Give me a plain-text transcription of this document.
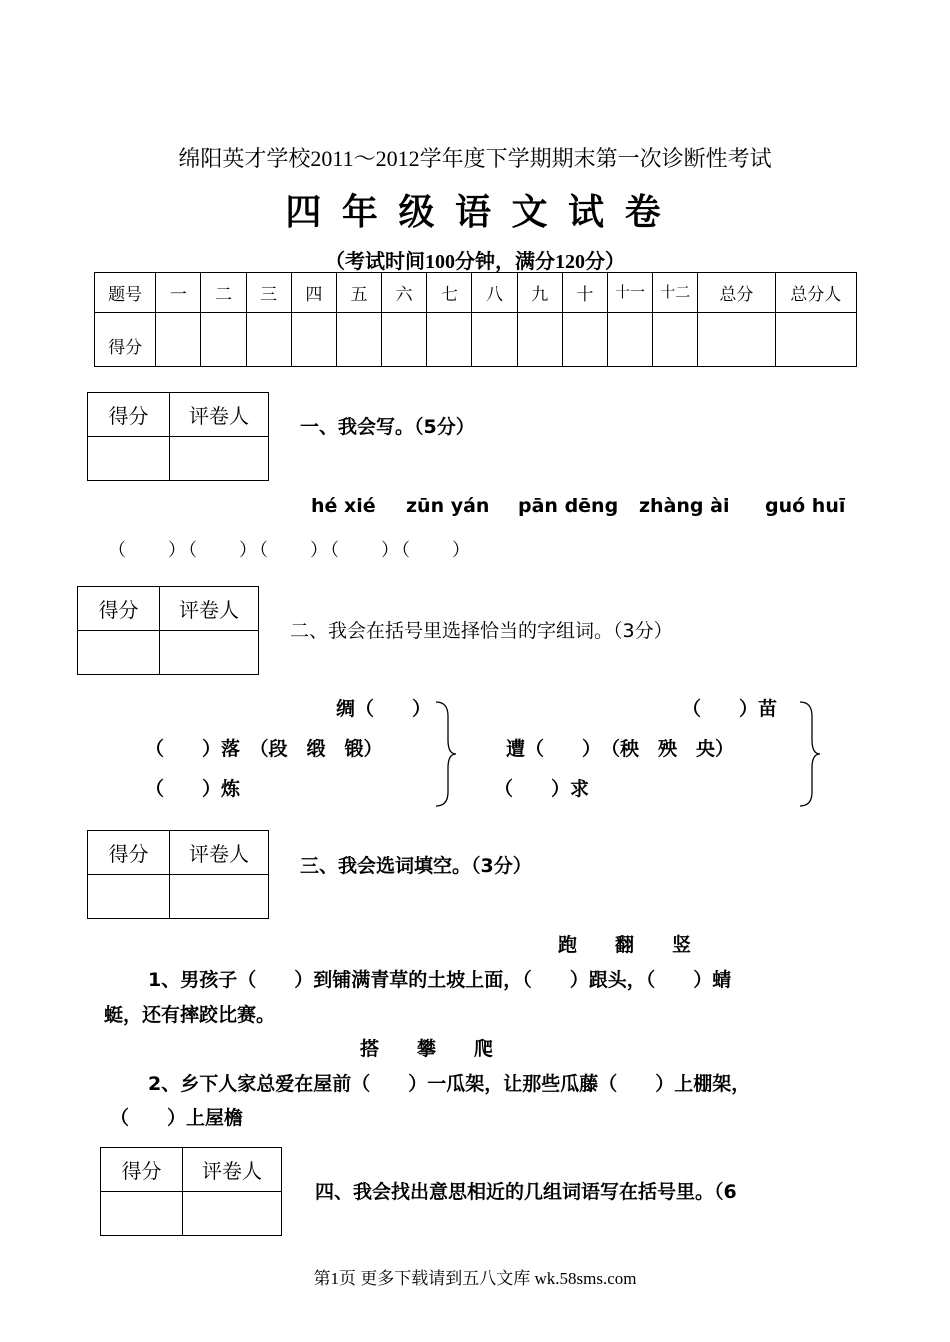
绵阳英才学校2011～2012学年度下学期期末第一次诊断性考试
四 年 级 语 文 试 卷
（考试时间100分钟，满分120分）
题号	一	二	三	四	五	六	七	八	九	十	十一	十二	总分	总分人
得分														
得分	评卷人
		一、我会写。（5分）
hé xié zūn yán pān dēng zhàng ài guó huī
（　　）（　　）（　　）（　　）（　　）
得分	评卷人

二、我会在括号里选择恰当的字组词。（3分）
绸（　　）
（　　）落　（段　缎　锻）
（　　）炼
（　　）苗
遭（　　）　（秧　殃　央）
（　　）求
得分	评卷人
		三、我会选词填空。（3分）
跑　　翻　　竖
1、男孩子（　　）到铺满青草的土坡上面，（　　）跟头，（　　）蜻
蜓，还有摔跤比赛。
搭　　攀　　爬
2、乡下人家总爱在屋前（　　）一瓜架，让那些瓜藤（　　）上棚架，
（　　）上屋檐
得分	评卷人

四、我会找出意思相近的几组词语写在括号里。（6
第1页 更多下载请到五八文库 wk.58sms.com
